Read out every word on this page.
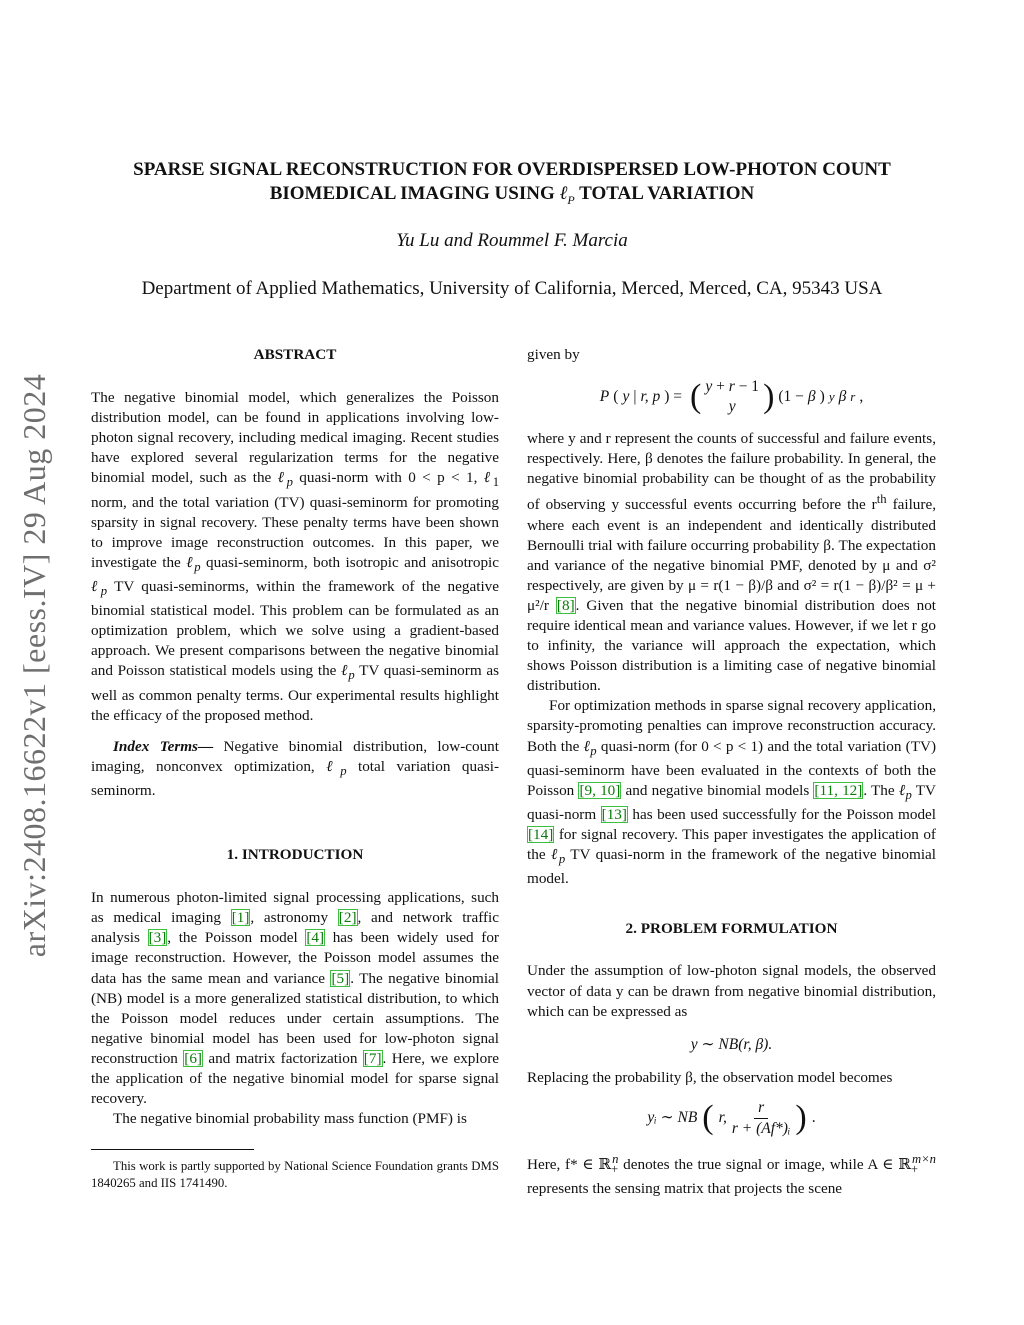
arXiv:2408.16622v1 [eess.IV] 29 Aug 2024
SPARSE SIGNAL RECONSTRUCTION FOR OVERDISPERSED LOW-PHOTON COUNT
BIOMEDICAL IMAGING USING ℓ$_P$ TOTAL VARIATION
Yu Lu and Roummel F. Marcia
Department of Applied Mathematics, University of California, Merced, Merced, CA, 95343 USA
ABSTRACT

The negative binomial model, which generalizes the Poisson distribution model, can be found in applications involving low-photon signal recovery, including medical imaging. Recent studies have explored several regularization terms for the negative binomial model, such as the ℓ$_p$ quasi-norm with 0 < p < 1, ℓ$_1$ norm, and the total variation (TV) quasi-seminorm for promoting sparsity in signal recovery. These penalty terms have been shown to improve image reconstruction outcomes. In this paper, we investigate the ℓ$_p$ quasi-seminorm, both isotropic and anisotropic ℓ$_p$ TV quasi-seminorms, within the framework of the negative binomial statistical model. This problem can be formulated as an optimization problem, which we solve using a gradient-based approach. We present comparisons between the negative binomial and Poisson statistical models using the ℓ$_p$ TV quasi-seminorm as well as common penalty terms. Our experimental results highlight the efficacy of the proposed method.

Index Terms— Negative binomial distribution, low-count imaging, nonconvex optimization, ℓ$_p$ total variation quasi-seminorm.

1. INTRODUCTION

In numerous photon-limited signal processing applications, such as medical imaging [1], astronomy [2], and network traffic analysis [3], the Poisson model [4] has been widely used for image reconstruction. However, the Poisson model assumes the data has the same mean and variance [5]. The negative binomial (NB) model is a more generalized statistical distribution, to which the Poisson model reduces under certain assumptions. The negative binomial model has been used for low-photon signal reconstruction [6] and matrix factorization [7]. Here, we explore the application of the negative binomial model for sparse signal recovery.

The negative binomial probability mass function (PMF) is

This work is partly supported by National Science Foundation grants DMS 1840265 and IIS 1741490.

given by

P ( y | r, p ) = ( y + r − 1
y ) (1 − β ) y β r ,

where y and r represent the counts of successful and failure events, respectively. Here, β denotes the failure probability. In general, the negative binomial probability can be thought of as the probability of observing y successful events occurring before the $r^{th}$ failure, where each event is an independent and identically distributed Bernoulli trial with failure occurring probability β. The expectation and variance of the negative binomial PMF, denoted by μ and σ² respectively, are given by μ = r(1 − β)/β and σ² = r(1 − β)/β² = μ + μ²/r [8]. Given that the negative binomial distribution does not require identical mean and variance values. However, if we let r go to infinity, the variance will approach the expectation, which shows Poisson distribution is a limiting case of negative binomial distribution.

For optimization methods in sparse signal recovery application, sparsity-promoting penalties can improve reconstruction accuracy. Both the ℓ$_p$ quasi-norm (for 0 < p < 1) and the total variation (TV) quasi-seminorm have been evaluated in the contexts of both the Poisson [9, 10] and negative binomial models [11, 12]. The ℓ$_p$ TV quasi-norm [13] has been used successfully for the Poisson model [14] for signal recovery. This paper investigates the application of the ℓ$_p$ TV quasi-norm in the framework of the negative binomial model.

2. PROBLEM FORMULATION

Under the assumption of low-photon signal models, the observed vector of data y can be drawn from negative binomial distribution, which can be expressed as

y ∼ NB(r, β).

Replacing the probability β, the observation model becomes

yᵢ ∼ NB ( r,
r
r + (Af*)ᵢ ) .

Here, f* ∈ ℝ$_+^n$ denotes the true signal or image, while A ∈ ℝ$_+^{m\times n}$ represents the sensing matrix that projects the scene
